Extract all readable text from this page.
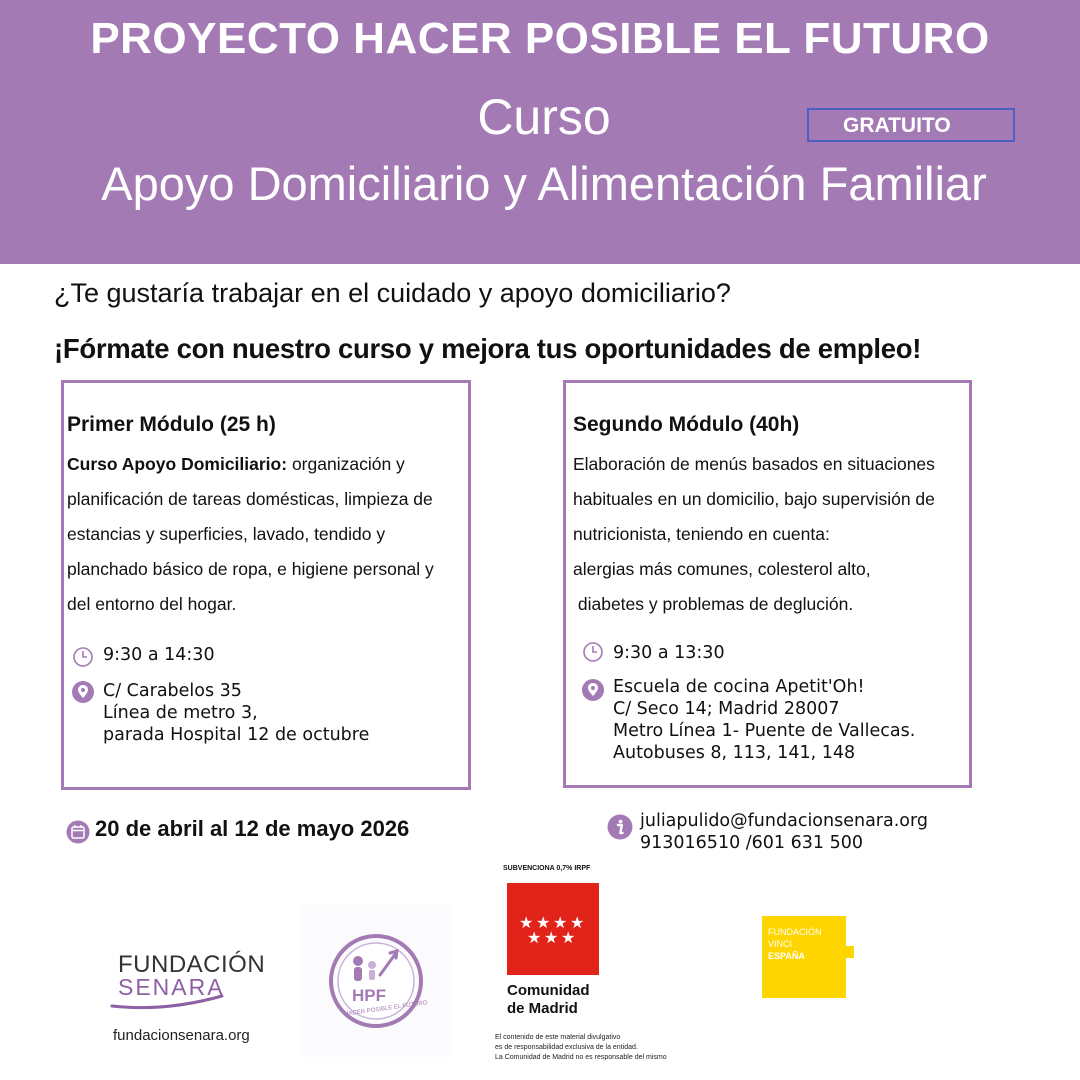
PROYECTO HACER POSIBLE EL FUTURO
Curso	GRATUITO
Apoyo Domiciliario y Alimentación Familiar
¿Te gustaría trabajar en el cuidado y apoyo domiciliario?
¡Fórmate con nuestro curso y mejora tus oportunidades de empleo!
Primer Módulo (25 h)
Curso Apoyo Domiciliario: organización y
planificación de tareas domésticas, limpieza de
estancias y superficies, lavado, tendido y
planchado básico de ropa, e higiene personal y
del entorno del hogar.
9:30 a 14:30
C/ Carabelos 35
Línea de metro 3,
parada Hospital 12 de octubre
Segundo Módulo (40h)
Elaboración de menús basados en situaciones
habituales en un domicilio, bajo supervisión de
nutricionista, teniendo en cuenta:
alergias más comunes, colesterol alto,
diabetes y problemas de deglución.
9:30 a 13:30
Escuela de cocina Apetit'Oh!
C/ Seco 14; Madrid 28007
Metro Línea 1- Puente de Vallecas.
Autobuses 8, 113, 141, 148
20 de abril al 12 de mayo 2026	juliapulido@fundacionsenara.org
913016510 /601 631 500
FUNDACIÓN
SENARA
fundacionsenara.org
HPF
HACER POSIBLE EL FUTURO
SUBVENCIONA 0,7% IRPF
★ ★ ★ ★
★ ★ ★
Comunidad
de Madrid
El contenido de este material divulgativo
es de responsabilidad exclusiva de la entidad.
La Comunidad de Madrid no es responsable del mismo
FUNDACIÓN
VINCI
ESPAÑA
